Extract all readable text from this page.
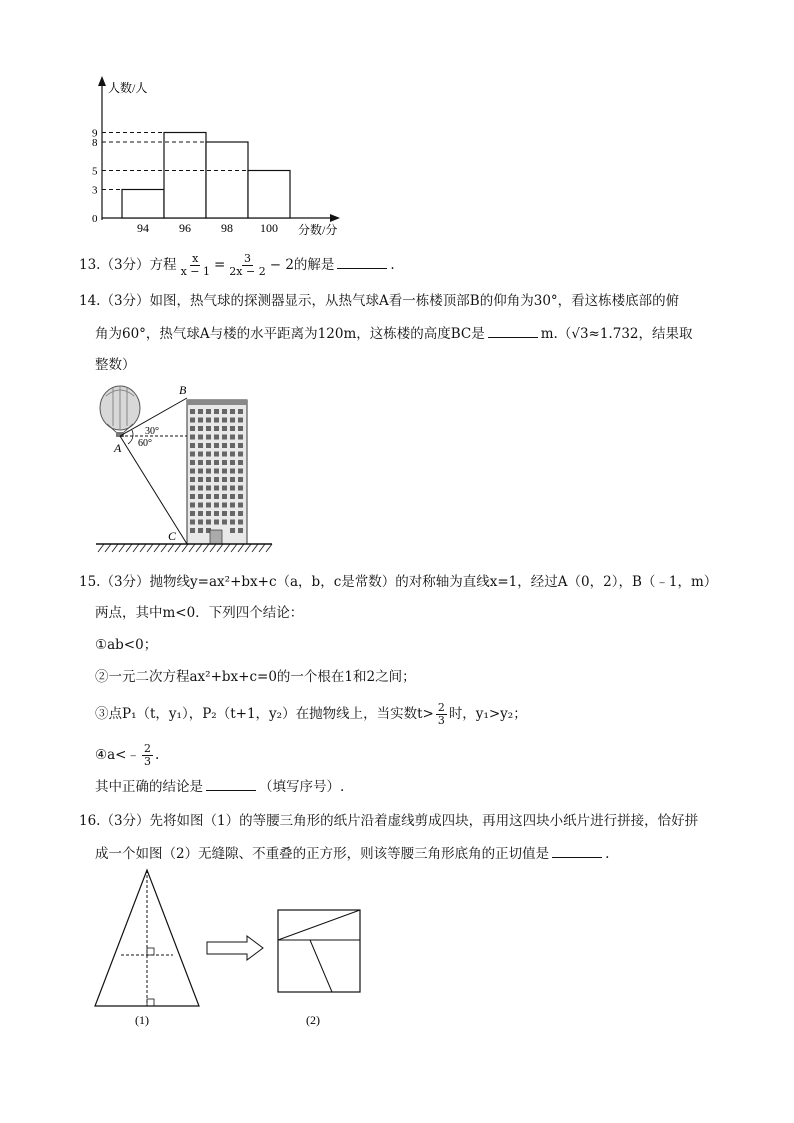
人数/人
分数/分
0
3
5
8
9
94	96	98 100
13.（3分）方程 $\frac{x}{x - 1} = \frac{3}{2x - 2} - 2$的解是	.
14.（3分）如图，热气球的探测器显示，从热气球A看一栋楼顶部B的仰角为30°，看这栋楼底部的俯
角为60°，热气球A与楼的水平距离为120m，这栋楼的高度BC是	m.（√3≈1.732，结果取
整数）
30°
60°
A
B
C
15.（3分）抛物线y=ax²+bx+c（a，b，c是常数）的对称轴为直线x=1，经过A（0，2），B（﹣1，m）
两点，其中m<0．下列四个结论：
①ab<0；
②一元二次方程ax²+bx+c=0的一个根在1和2之间；
③点P₁（t，y₁），P₂（t+1，y₂）在抛物线上，当实数$t> \frac{2}{3}$ 时，y₁>y₂；
④a<﹣ $\frac{2}{3}$ .
其中正确的结论是	（填写序号）.
16.（3分）先将如图（1）的等腰三角形的纸片沿着虚线剪成四块，再用这四块小纸片进行拼接，恰好拼
成一个如图（2）无缝隙、不重叠的正方形，则该等腰三角形底角的正切值是	.
(1)	(2)
